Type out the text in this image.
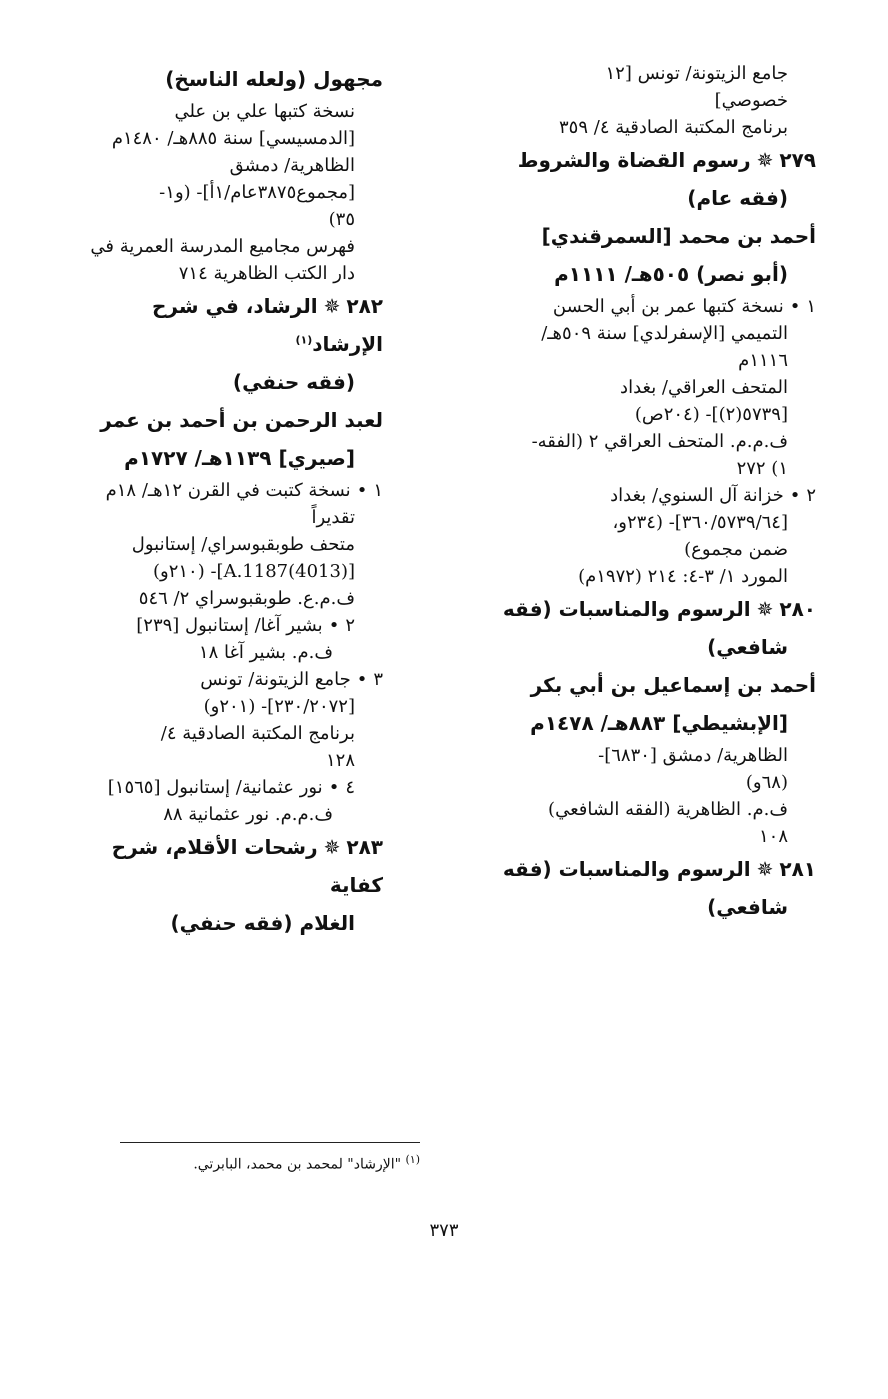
جامع الزيتونة/ تونس [١٢

خصوصي]

برنامج المكتبة الصادقية ٤/ ٣٥٩

٢٧٩✵رسوم القضاة والشروط

(فقه عام)

أحمد بن محمد [السمرقندي]

(أبو نصر) ٥٠٥هـ/ ١١١١م

١•نسخة كتبها عمر بن أبي الحسن

التميمي [الإسفرلدي] سنة ٥٠٩هـ/

١١١٦م

المتحف العراقي/ بغداد

[٥٧٣٩(٢)]- (٢٠٤ص)

ف.م.م. المتحف العراقي ٢ (الفقه-

١) ٢٧٢

٢•خزانة آل السنوي/ بغداد

[٣٦٠/٥٧٣٩/٦٤]- (٢٣٤و،

ضمن مجموع)

المورد ١/ ٣-٤: ٢١٤ (١٩٧٢م)

٢٨٠✵الرسوم والمناسبات (فقه

شافعي)

أحمد بن إسماعيل بن أبي بكر

[الإبشيطي] ٨٨٣هـ/ ١٤٧٨م

الظاهرية/ دمشق [٦٨٣٠]-

(٦٨و)

ف.م. الظاهرية (الفقه الشافعي)

١٠٨

٢٨١✵الرسوم والمناسبات (فقه

شافعي)

مجهول (ولعله الناسخ)

نسخة كتبها علي بن علي

[الدمسيسي] سنة ٨٨٥هـ/ ١٤٨٠م

الظاهرية/ دمشق

[مجموع٣٨٧٥عام/١أ]- (و١-

٣٥)

فهرس مجاميع المدرسة العمرية في

دار الكتب الظاهرية ٧١٤

٢٨٢✵الرشاد، في شرح الإرشاد$^{(١)}$

(فقه حنفي)

لعبد الرحمن بن أحمد بن عمر

[صيري] ١١٣٩هـ/ ١٧٢٧م

١•نسخة كتبت في القرن ١٢هـ/ ١٨م

تقديراً

متحف طوبقبوسراي/ إستانبول

[A.1187(4013)]- (٢١٠و)

ف.م.ع. طوبقبوسراي ٢/ ٥٤٦

٢•بشير آغا/ إستانبول [٢٣٩]

ف.م. بشير آغا ١٨

٣•جامع الزيتونة/ تونس

[٢٣٠/٢٠٧٢]- (٢٠١و)

برنامج المكتبة الصادقية ٤/

١٢٨

٤•نور عثمانية/ إستانبول [١٥٦٥]

ف.م.م. نور عثمانية ٨٨

٢٨٣✵رشحات الأقلام، شرح كفاية

الغلام (فقه حنفي)

$^{(١)}$ "الإرشاد" لمحمد بن محمد، البابرتي.
٣٧٣
